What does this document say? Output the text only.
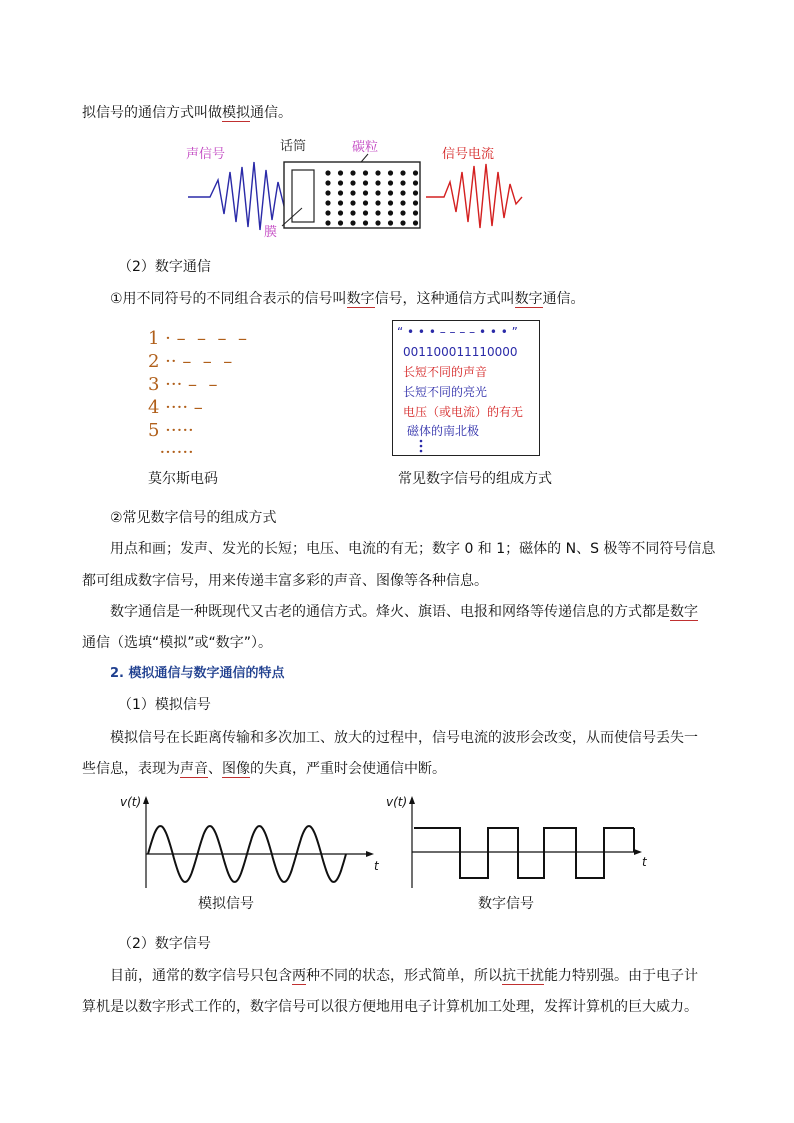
拟信号的通信方式叫做模拟通信。
声信号
话筒	碳粒
膜
信号电流
（2）数字通信
①用不同符号的不同组合表示的信号叫数字信号，这种通信方式叫数字通信。
1 · –  –  –  –
2 ·· –  –  –
3 ··· –  –
4 ···· –
5 ·····
······
莫尔斯电码
“ • • • – – – – • • • ”
001100011110000
长短不同的声音
长短不同的亮光
电压（或电流）的有无
磁体的南北极
常见数字信号的组成方式
②常见数字信号的组成方式
用点和画；发声、发光的长短；电压、电流的有无；数字 0 和 1；磁体的 N、S 极等不同符号信息
都可组成数字信号，用来传递丰富多彩的声音、图像等各种信息。
数字通信是一种既现代又古老的通信方式。烽火、旗语、电报和网络等传递信息的方式都是数字
通信（选填“模拟”或“数字”）。
2. 模拟通信与数字通信的特点
（1）模拟信号
模拟信号在长距离传输和多次加工、放大的过程中，信号电流的波形会改变，从而使信号丢失一
些信息，表现为声音、图像的失真，严重时会使通信中断。
v(t)
t
模拟信号
v(t)
t
数字信号
（2）数字信号
目前，通常的数字信号只包含两种不同的状态，形式简单，所以抗干扰能力特别强。由于电子计
算机是以数字形式工作的，数字信号可以很方便地用电子计算机加工处理，发挥计算机的巨大威力。
